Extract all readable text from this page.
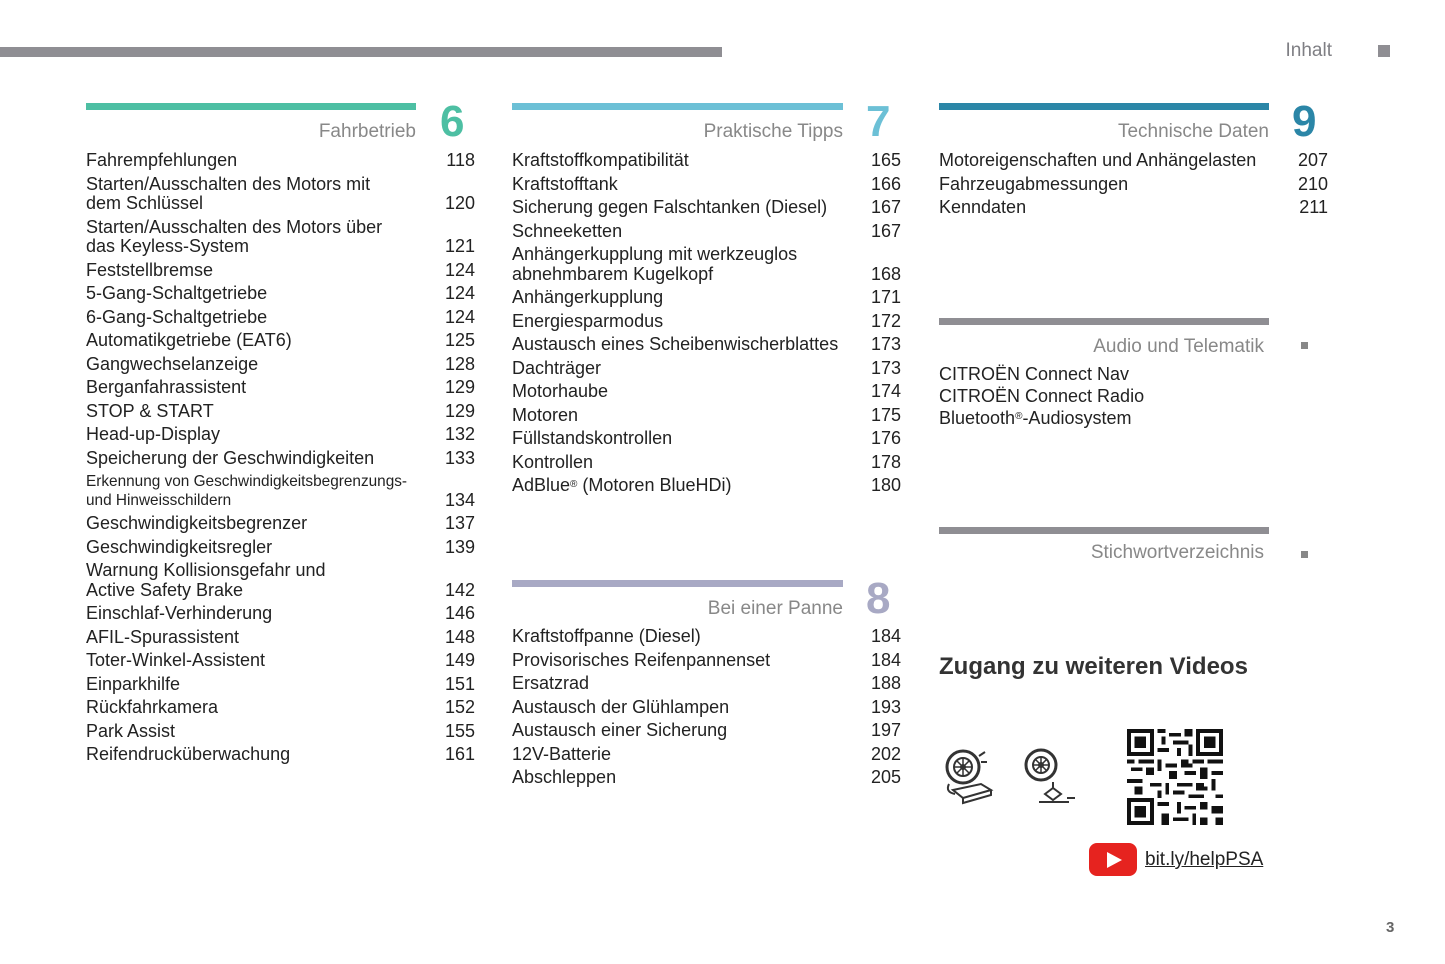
Inhalt
Fahrbetrieb 6
Fahrempfehlungen	118
Starten/Ausschalten des Motors mit
dem Schlüssel	120
Starten/Ausschalten des Motors über
das Keyless-System	121
Feststellbremse	124
5-Gang-Schaltgetriebe	124
6-Gang-Schaltgetriebe	124
Automatikgetriebe (EAT6)	125
Gangwechselanzeige	128
Berganfahrassistent	129
STOP & START	129
Head-up-Display	132
Speicherung der Geschwindigkeiten	133
Erkennung von Geschwindigkeitsbegrenzungs-
und Hinweisschildern	134
Geschwindigkeitsbegrenzer	137
Geschwindigkeitsregler	139
Warnung Kollisionsgefahr und
Active Safety Brake	142
Einschlaf-Verhinderung	146
AFIL-Spurassistent	148
Toter-Winkel-Assistent	149
Einparkhilfe	151
Rückfahrkamera	152
Park Assist	155
Reifendrucküberwachung	161
Praktische Tipps 7
Kraftstoffkompatibilität	165
Kraftstofftank	166
Sicherung gegen Falschtanken (Diesel)	167
Schneeketten	167
Anhängerkupplung mit werkzeuglos
abnehmbarem Kugelkopf	168
Anhängerkupplung	171
Energiesparmodus	172
Austausch eines Scheibenwischerblattes	173
Dachträger	173
Motorhaube	174
Motoren	175
Füllstandskontrollen	176
Kontrollen	178
AdBlue® (Motoren BlueHDi)	180
Bei einer Panne 8
Kraftstoffpanne (Diesel)	184
Provisorisches Reifenpannenset	184
Ersatzrad	188
Austausch der Glühlampen	193
Austausch einer Sicherung	197
12V-Batterie	202
Abschleppen	205
Technische Daten 9
Motoreigenschaften und Anhängelasten	207
Fahrzeugabmessungen	210
Kenndaten	211
Audio und Telematik
CITROËN Connect Nav
CITROËN Connect Radio
Bluetooth®-Audiosystem
Stichwortverzeichnis
Zugang zu weiteren Videos
bit.ly/helpPSA
3
